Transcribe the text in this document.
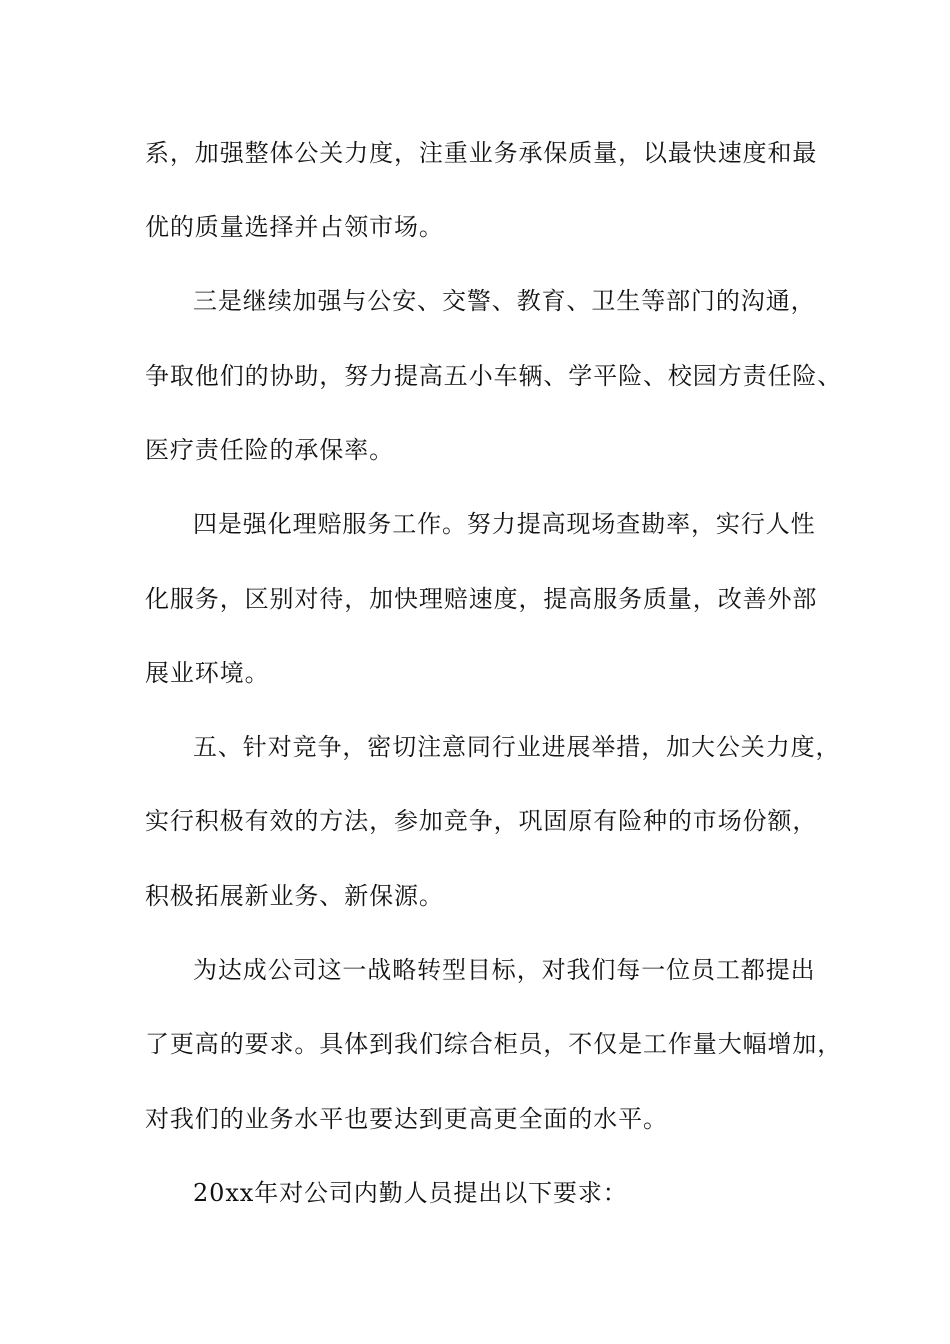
系，加强整体公关力度，注重业务承保质量，以最快速度和最
优的质量选择并占领市场。
三是继续加强与公安、交警、教育、卫生等部门的沟通，
争取他们的协助，努力提高五小车辆、学平险、校园方责任险、
医疗责任险的承保率。
四是强化理赔服务工作。努力提高现场查勘率，实行人性
化服务，区别对待，加快理赔速度，提高服务质量，改善外部
展业环境。
五、针对竞争，密切注意同行业进展举措，加大公关力度，
实行积极有效的方法，参加竞争，巩固原有险种的市场份额，
积极拓展新业务、新保源。
为达成公司这一战略转型目标，对我们每一位员工都提出
了更高的要求。具体到我们综合柜员，不仅是工作量大幅增加，
对我们的业务水平也要达到更高更全面的水平。
20xx年对公司内勤人员提出以下要求：
